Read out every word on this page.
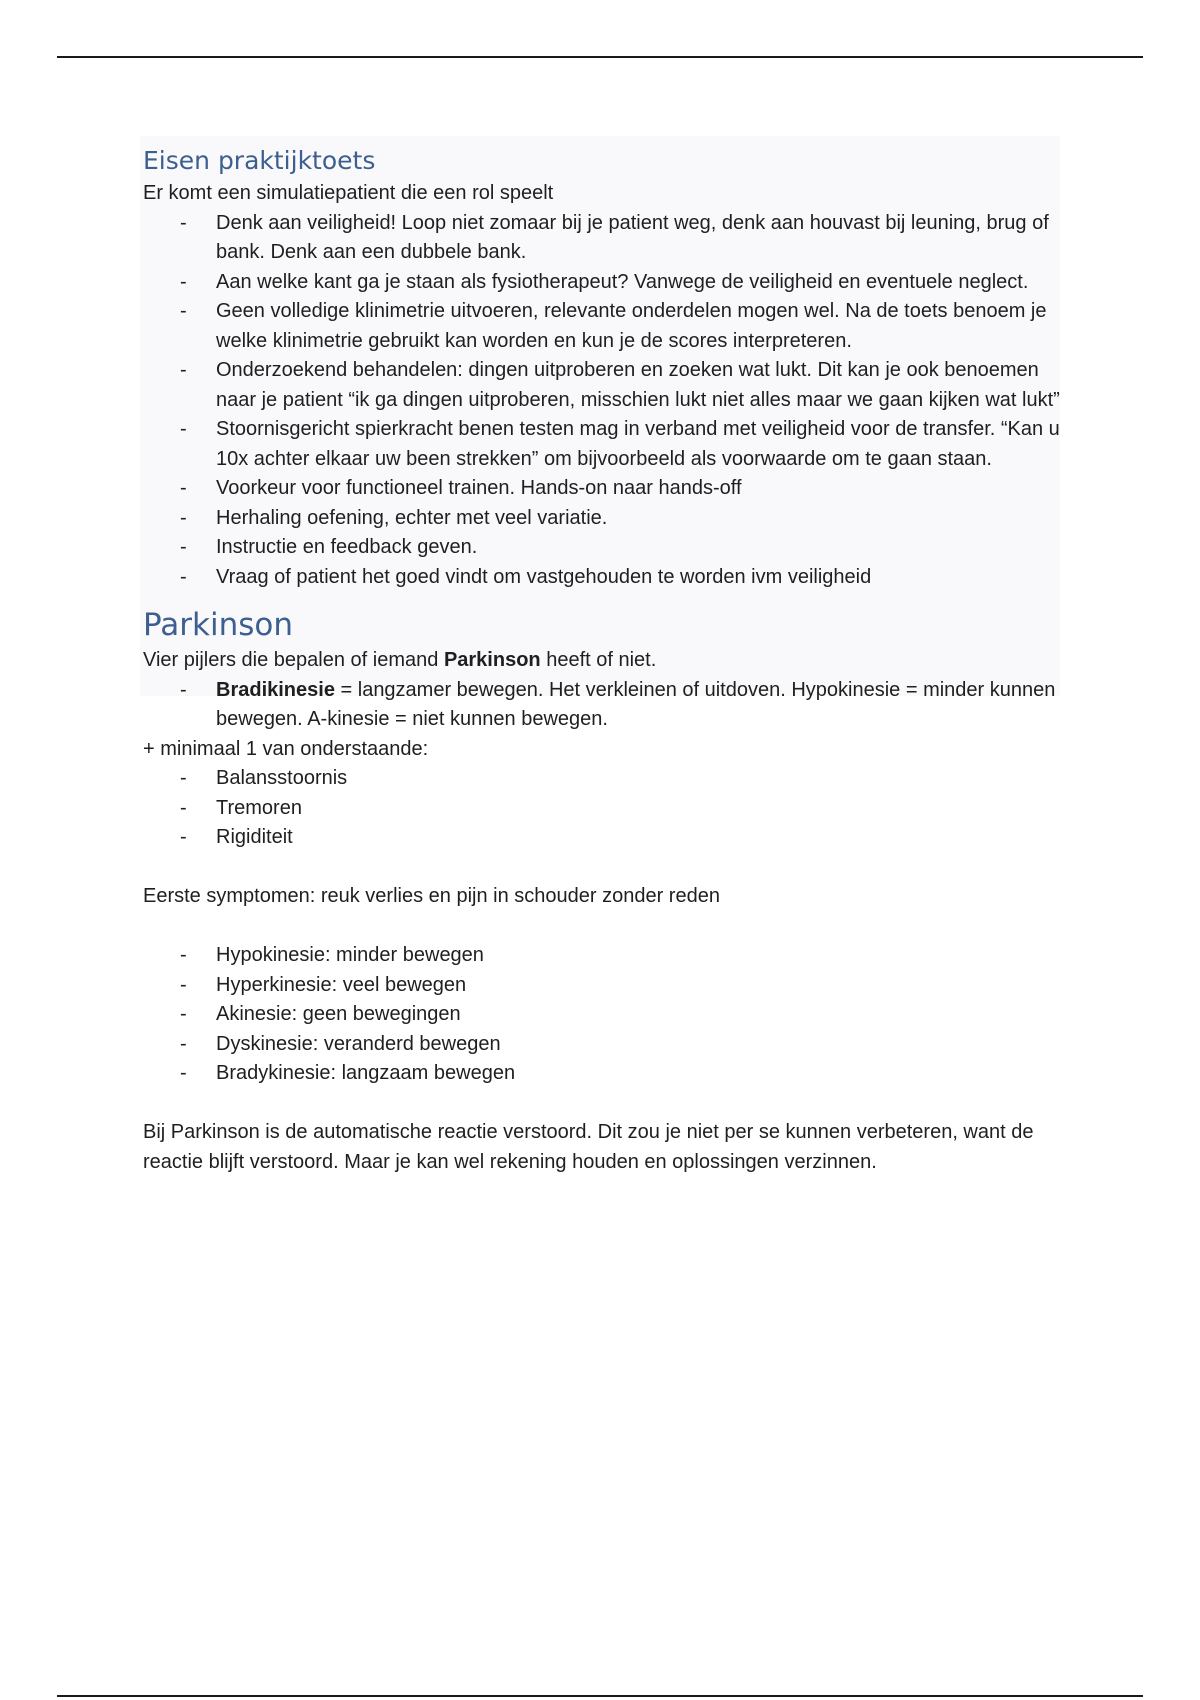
Eisen praktijktoets

Er komt een simulatiepatient die een rol speelt

- Denk aan veiligheid! Loop niet zomaar bij je patient weg, denk aan houvast bij leuning, brug of bank. Denk aan een dubbele bank.
- Aan welke kant ga je staan als fysiotherapeut? Vanwege de veiligheid en eventuele neglect.
- Geen volledige klinimetrie uitvoeren, relevante onderdelen mogen wel. Na de toets benoem je welke klinimetrie gebruikt kan worden en kun je de scores interpreteren.
- Onderzoekend behandelen: dingen uitproberen en zoeken wat lukt. Dit kan je ook benoemen naar je patient “ik ga dingen uitproberen, misschien lukt niet alles maar we gaan kijken wat lukt”
- Stoornisgericht spierkracht benen testen mag in verband met veiligheid voor de transfer. “Kan u 10x achter elkaar uw been strekken” om bijvoorbeeld als voorwaarde om te gaan staan.
- Voorkeur voor functioneel trainen. Hands-on naar hands-off
- Herhaling oefening, echter met veel variatie.
- Instructie en feedback geven.
- Vraag of patient het goed vindt om vastgehouden te worden ivm veiligheid
Parkinson

Vier pijlers die bepalen of iemand Parkinson heeft of niet.

- Bradikinesie = langzamer bewegen. Het verkleinen of uitdoven. Hypokinesie = minder kunnen bewegen. A-kinesie = niet kunnen bewegen.

+ minimaal 1 van onderstaande:

- Balansstoornis
- Tremoren
- Rigiditeit

Eerste symptomen: reuk verlies en pijn in schouder zonder reden

- Hypokinesie: minder bewegen
- Hyperkinesie: veel bewegen
- Akinesie: geen bewegingen
- Dyskinesie: veranderd bewegen
- Bradykinesie: langzaam bewegen

Bij Parkinson is de automatische reactie verstoord. Dit zou je niet per se kunnen verbeteren, want de reactie blijft verstoord. Maar je kan wel rekening houden en oplossingen verzinnen.
